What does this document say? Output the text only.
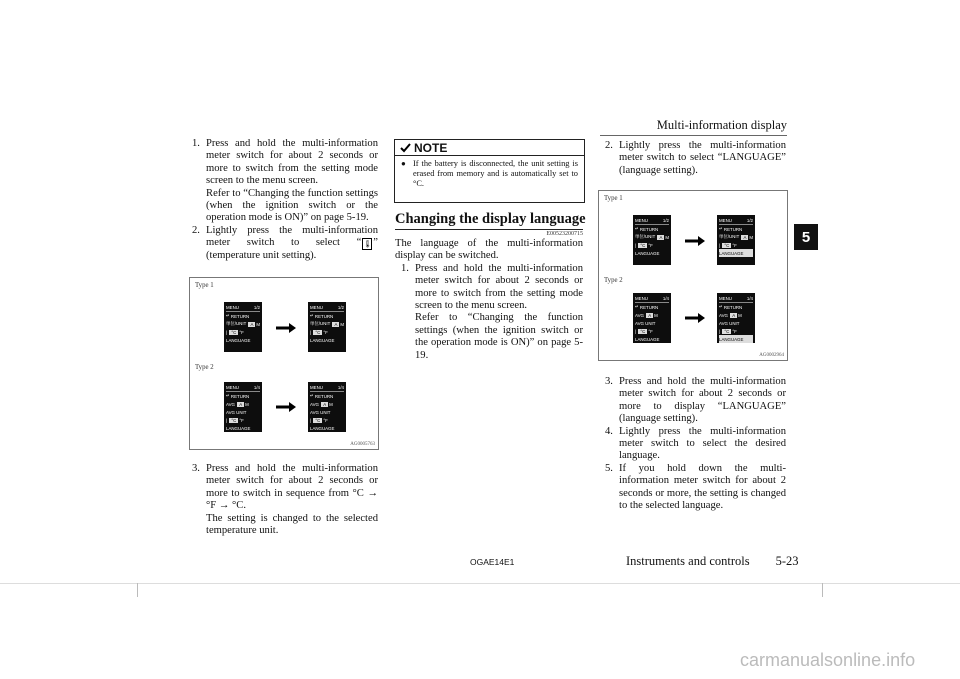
Multi-information display
5
1. Press and hold the multi-information meter switch for about 2 seconds or more to switch from the setting mode screen to the menu screen.
Refer to “Changing the function settings (when the ignition switch or the operation mode is ON)” on page 5-19.
2. Lightly press the multi-information meter switch to select “ 🌡︎” (temperature unit setting).
Type 1
Type 2
AG0005763
MENU	1/2
↵
RETURN
単位/UNIT
A M
|
°C °F
LANGUAGE
MENU	1/2
↵
RETURN
単位/UNIT
A M
|
°C °F
LANGUAGE
MENU	1/4
↵
RETURN
AVG
A M
AVG UNIT
|
°C °F
LANGUAGE
MENU	1/4
↵
RETURN
AVG
A M
AVG UNIT
|
°C °F
LANGUAGE
3. Press and hold the multi-information meter switch for about 2 seconds or more to switch in sequence from °C → °F → °C.
The setting is changed to the selected temperature unit.
NOTE
● If the battery is disconnected, the unit setting is erased from memory and is automatically set to °C.
Changing the display language
E00523200715
The language of the multi-information display can be switched.
1. Press and hold the multi-information meter switch for about 2 seconds or more to switch from the setting mode screen to the menu screen.
Refer to “Changing the function settings (when the ignition switch or the operation mode is ON)” on page 5-19.
2. Lightly press the multi-information meter switch to select “LANGUAGE” (language setting).
Type 1
Type 2
AG0002964
MENU	1/2
↵
RETURN
単位/UNIT
A M
|
°C °F
LANGUAGE
MENU	1/2
↵
RETURN
単位/UNIT
A M
|
°C °F
LANGUAGE
MENU	1/4
↵
RETURN
AVG
A M
AVG UNIT
|
°C °F
LANGUAGE
MENU	1/4
↵
RETURN
AVG
A M
AVG UNIT
|
°C °F
LANGUAGE
3. Press and hold the multi-information meter switch for about 2 seconds or more to display “LANGUAGE” (language setting).
4. Lightly press the multi-information meter switch to select the desired language.
5. If you hold down the multi-information meter switch for about 2 seconds or more, the setting is changed to the selected language.
OGAE14E1	Instruments and controls 5-23
carmanualsonline.info
